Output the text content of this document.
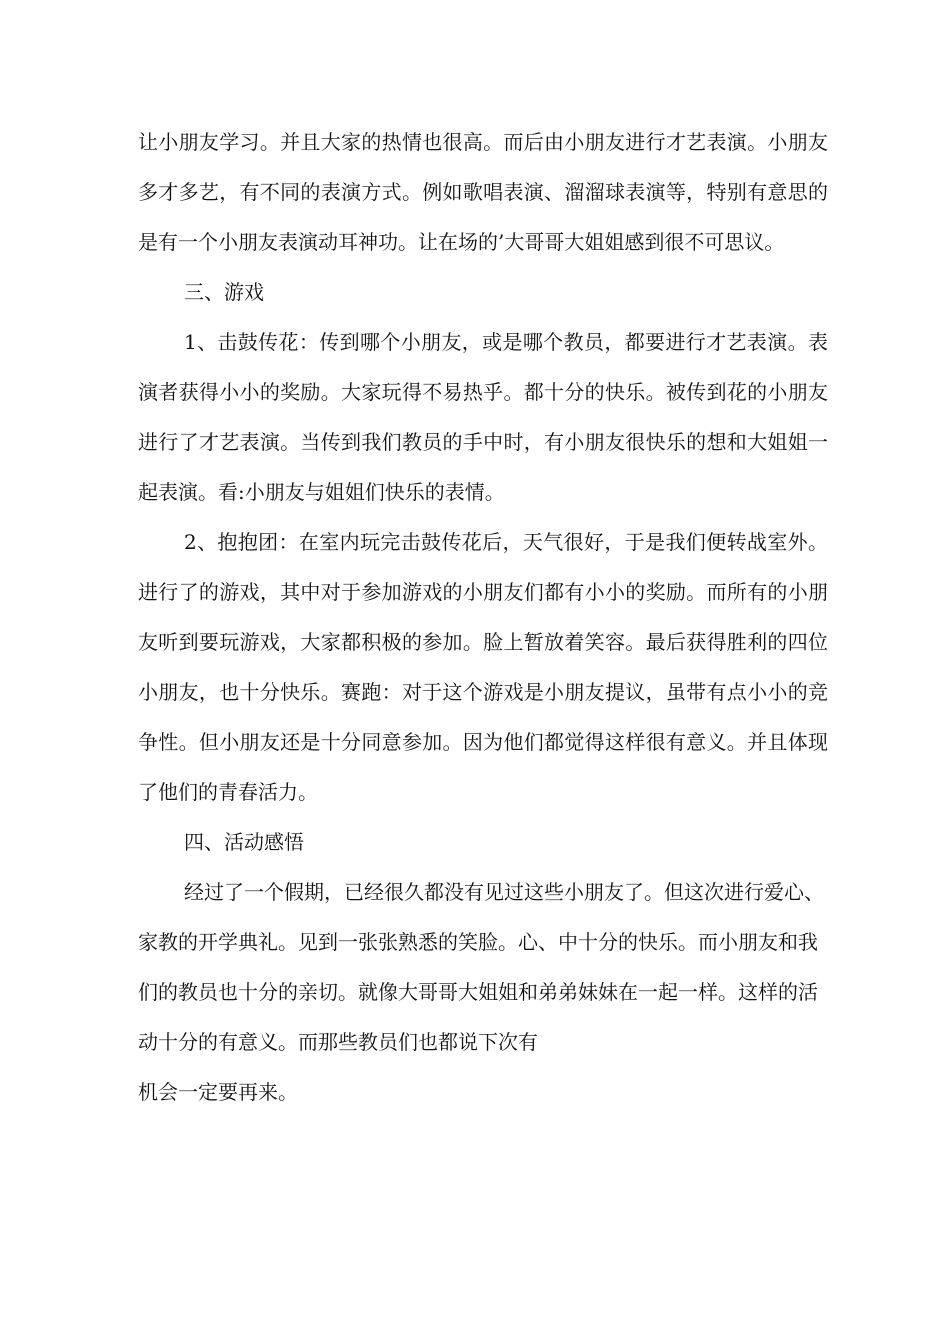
让小朋友学习。并且大家的热情也很高。而后由小朋友进行才艺表演。小朋友多才多艺，有不同的表演方式。例如歌唱表演、溜溜球表演等，特别有意思的是有一个小朋友表演动耳神功。让在场的’大哥哥大姐姐感到很不可思议。

三、游戏

1、击鼓传花：传到哪个小朋友，或是哪个教员，都要进行才艺表演。表演者获得小小的奖励。大家玩得不易热乎。都十分的快乐。被传到花的小朋友进行了才艺表演。当传到我们教员的手中时，有小朋友很快乐的想和大姐姐一起表演。看:小朋友与姐姐们快乐的表情。

2、抱抱团：在室内玩完击鼓传花后，天气很好，于是我们便转战室外。进行了的游戏，其中对于参加游戏的小朋友们都有小小的奖励。而所有的小朋友听到要玩游戏，大家都积极的参加。脸上暂放着笑容。最后获得胜利的四位小朋友，也十分快乐。赛跑：对于这个游戏是小朋友提议，虽带有点小小的竞争性。但小朋友还是十分同意参加。因为他们都觉得这样很有意义。并且体现了他们的青春活力。

四、活动感悟

经过了一个假期，已经很久都没有见过这些小朋友了。但这次进行爱心、家教的开学典礼。见到一张张熟悉的笑脸。心、中十分的快乐。而小朋友和我们的教员也十分的亲切。就像大哥哥大姐姐和弟弟妹妹在一起一样。这样的活动十分的有意义。而那些教员们也都说下次有

机会一定要再来。
